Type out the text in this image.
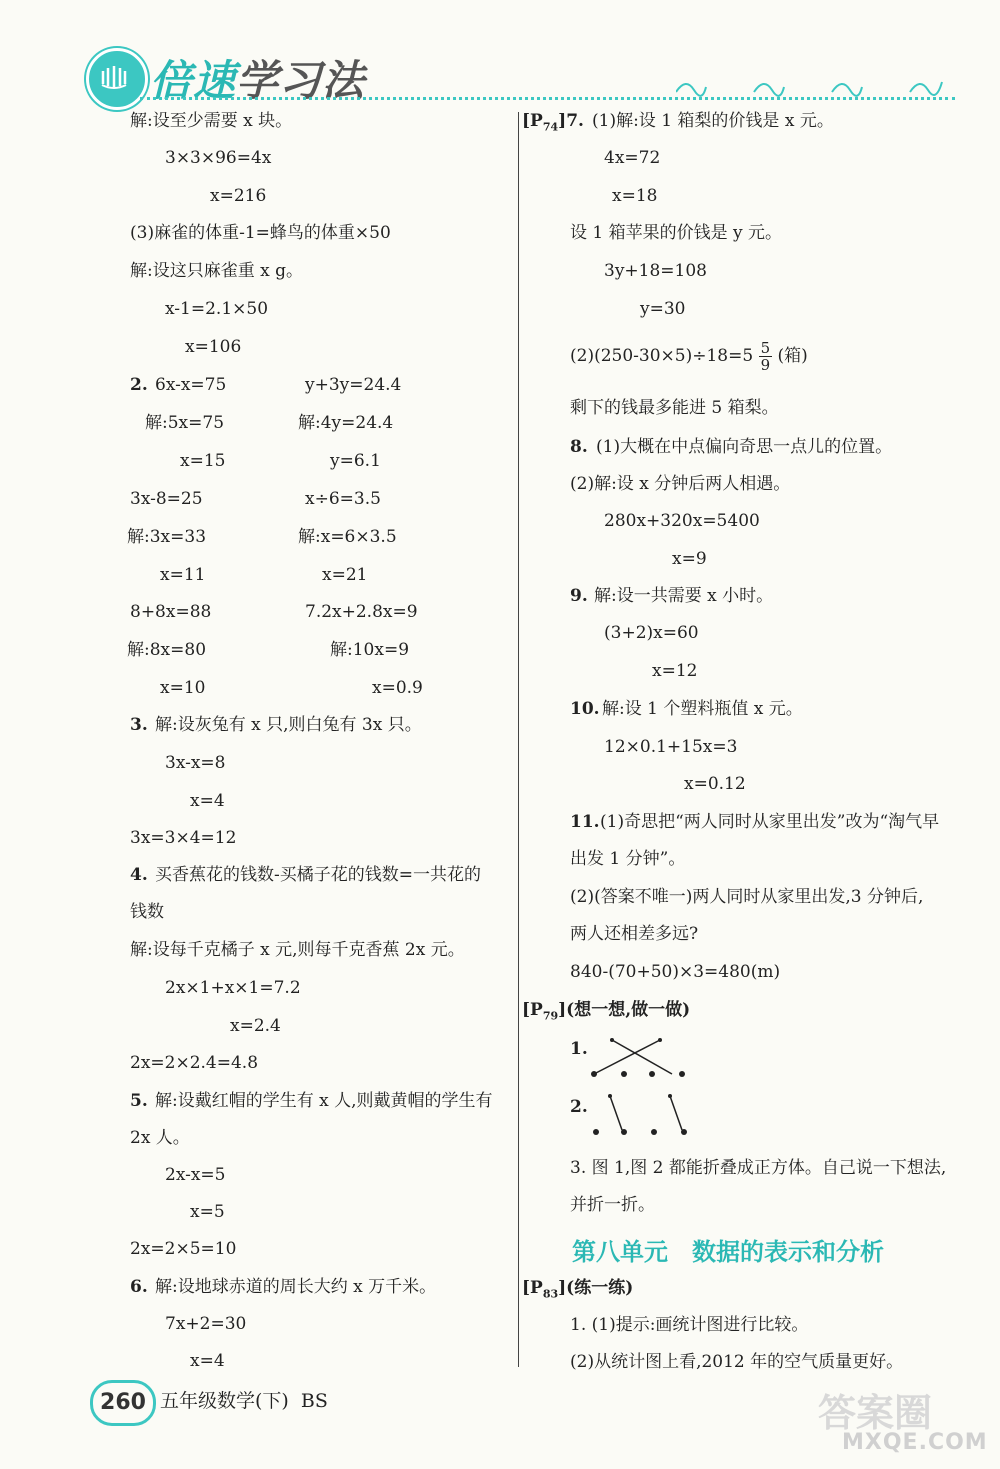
倍速学习法
解:设至少需要 x 块。
3×3×96=4x
x=216
(3)麻雀的体重-1=蜂鸟的体重×50
解:设这只麻雀重 x g。
x-1=2.1×50
x=106
2. 6x-x=75	y+3y=24.4
解:5x=75	解:4y=24.4
x=15	y=6.1
3x-8=25	x÷6=3.5
解:3x=33	解:x=6×3.5
x=11	x=21
8+8x=88	7.2x+2.8x=9
解:8x=80	解:10x=9
x=10	x=0.9
3. 解:设灰兔有 x 只,则白兔有 3x 只。
3x-x=8
x=4
3x=3×4=12
4. 买香蕉花的钱数-买橘子花的钱数=一共花的
钱数
解:设每千克橘子 x 元,则每千克香蕉 2x 元。
2x×1+x×1=7.2
x=2.4
2x=2×2.4=4.8
5. 解:设戴红帽的学生有 x 人,则戴黄帽的学生有
2x 人。
2x-x=5
x=5
2x=2×5=10
6. 解:设地球赤道的周长大约 x 万千米。
7x+2=30
x=4
$[P_{74}]7$. (1)解:设 1 箱梨的价钱是 x 元。
4x=72
x=18
设 1 箱苹果的价钱是 y 元。
3y+18=108
y=30
$(2)(250-30\times 5)\div 18=5 \frac{5}{9}$ (箱)
剩下的钱最多能进 5 箱梨。
8. (1)大概在中点偏向奇思一点儿的位置。
(2)解:设 x 分钟后两人相遇。
280x+320x=5400
x=9
9. 解:设一共需要 x 小时。
(3+2)x=60
x=12
10. 解:设 1 个塑料瓶值 x 元。
12×0.1+15x=3
x=0.12
11. (1)奇思把“两人同时从家里出发”改为“淘气早
出发 1 分钟”。
(2)(答案不唯一)两人同时从家里出发,3 分钟后,
两人还相差多远?
840-(70+50)×3=480(m)
$[P_{79}]$(想一想,做一做)
1.
2.
3. 图 1,图 2 都能折叠成正方体。自己说一下想法,
并折一折。
第八单元　数据的表示和分析
$[P_{83}]$(练一练)
1. (1)提示:画统计图进行比较。
(2)从统计图上看,2012 年的空气质量更好。
260 五年级数学(下) BS	答案圈
MXQE.COM
